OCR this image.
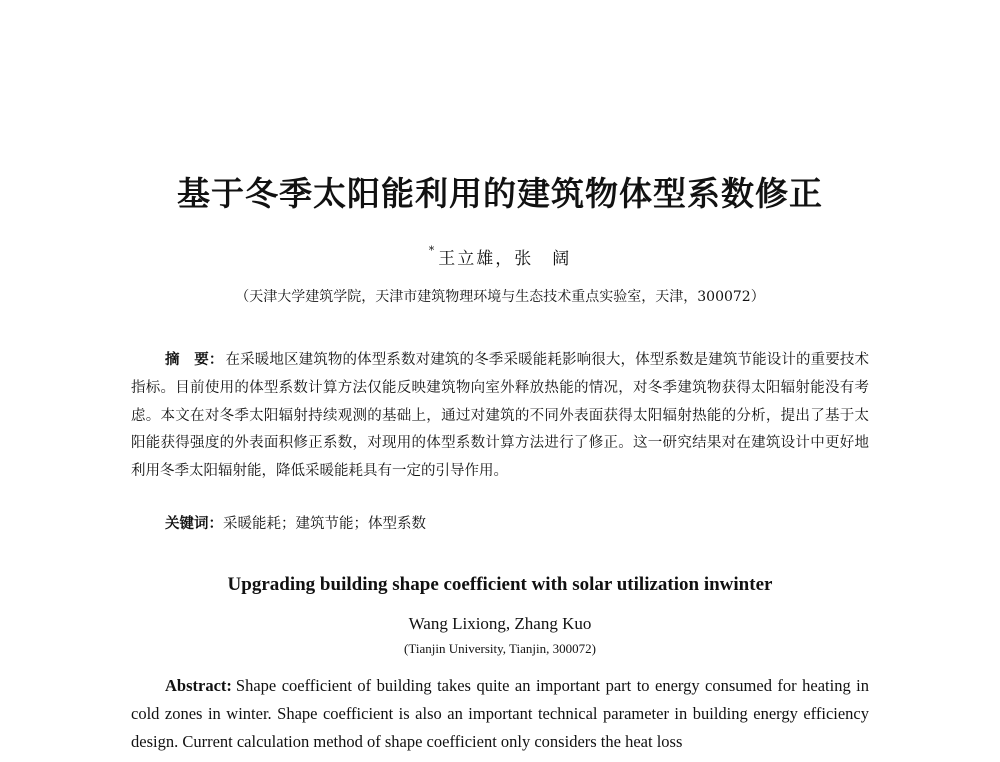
基于冬季太阳能利用的建筑物体型系数修正
* 王立雄，张　阔
（天津大学建筑学院，天津市建筑物理环境与生态技术重点实验室，天津，300072）
摘　要： 在采暖地区建筑物的体型系数对建筑的冬季采暖能耗影响很大，体型系数是建筑节能设计的重要技术指标。目前使用的体型系数计算方法仅能反映建筑物向室外释放热能的情况，对冬季建筑物获得太阳辐射能没有考虑。本文在对冬季太阳辐射持续观测的基础上，通过对建筑的不同外表面获得太阳辐射热能的分析，提出了基于太阳能获得强度的外表面积修正系数，对现用的体型系数计算方法进行了修正。这一研究结果对在建筑设计中更好地利用冬季太阳辐射能，降低采暖能耗具有一定的引导作用。
关键词：采暖能耗；建筑节能；体型系数
Upgrading building shape coefficient with solar utilization inwinter
Wang Lixiong, Zhang Kuo
(Tianjin University, Tianjin, 300072)
Abstract: Shape coefficient of building takes quite an important part to energy consumed for heating in cold zones in winter. Shape coefficient is also an important technical parameter in building energy efficiency design. Current calculation method of shape coefficient only considers the heat loss
